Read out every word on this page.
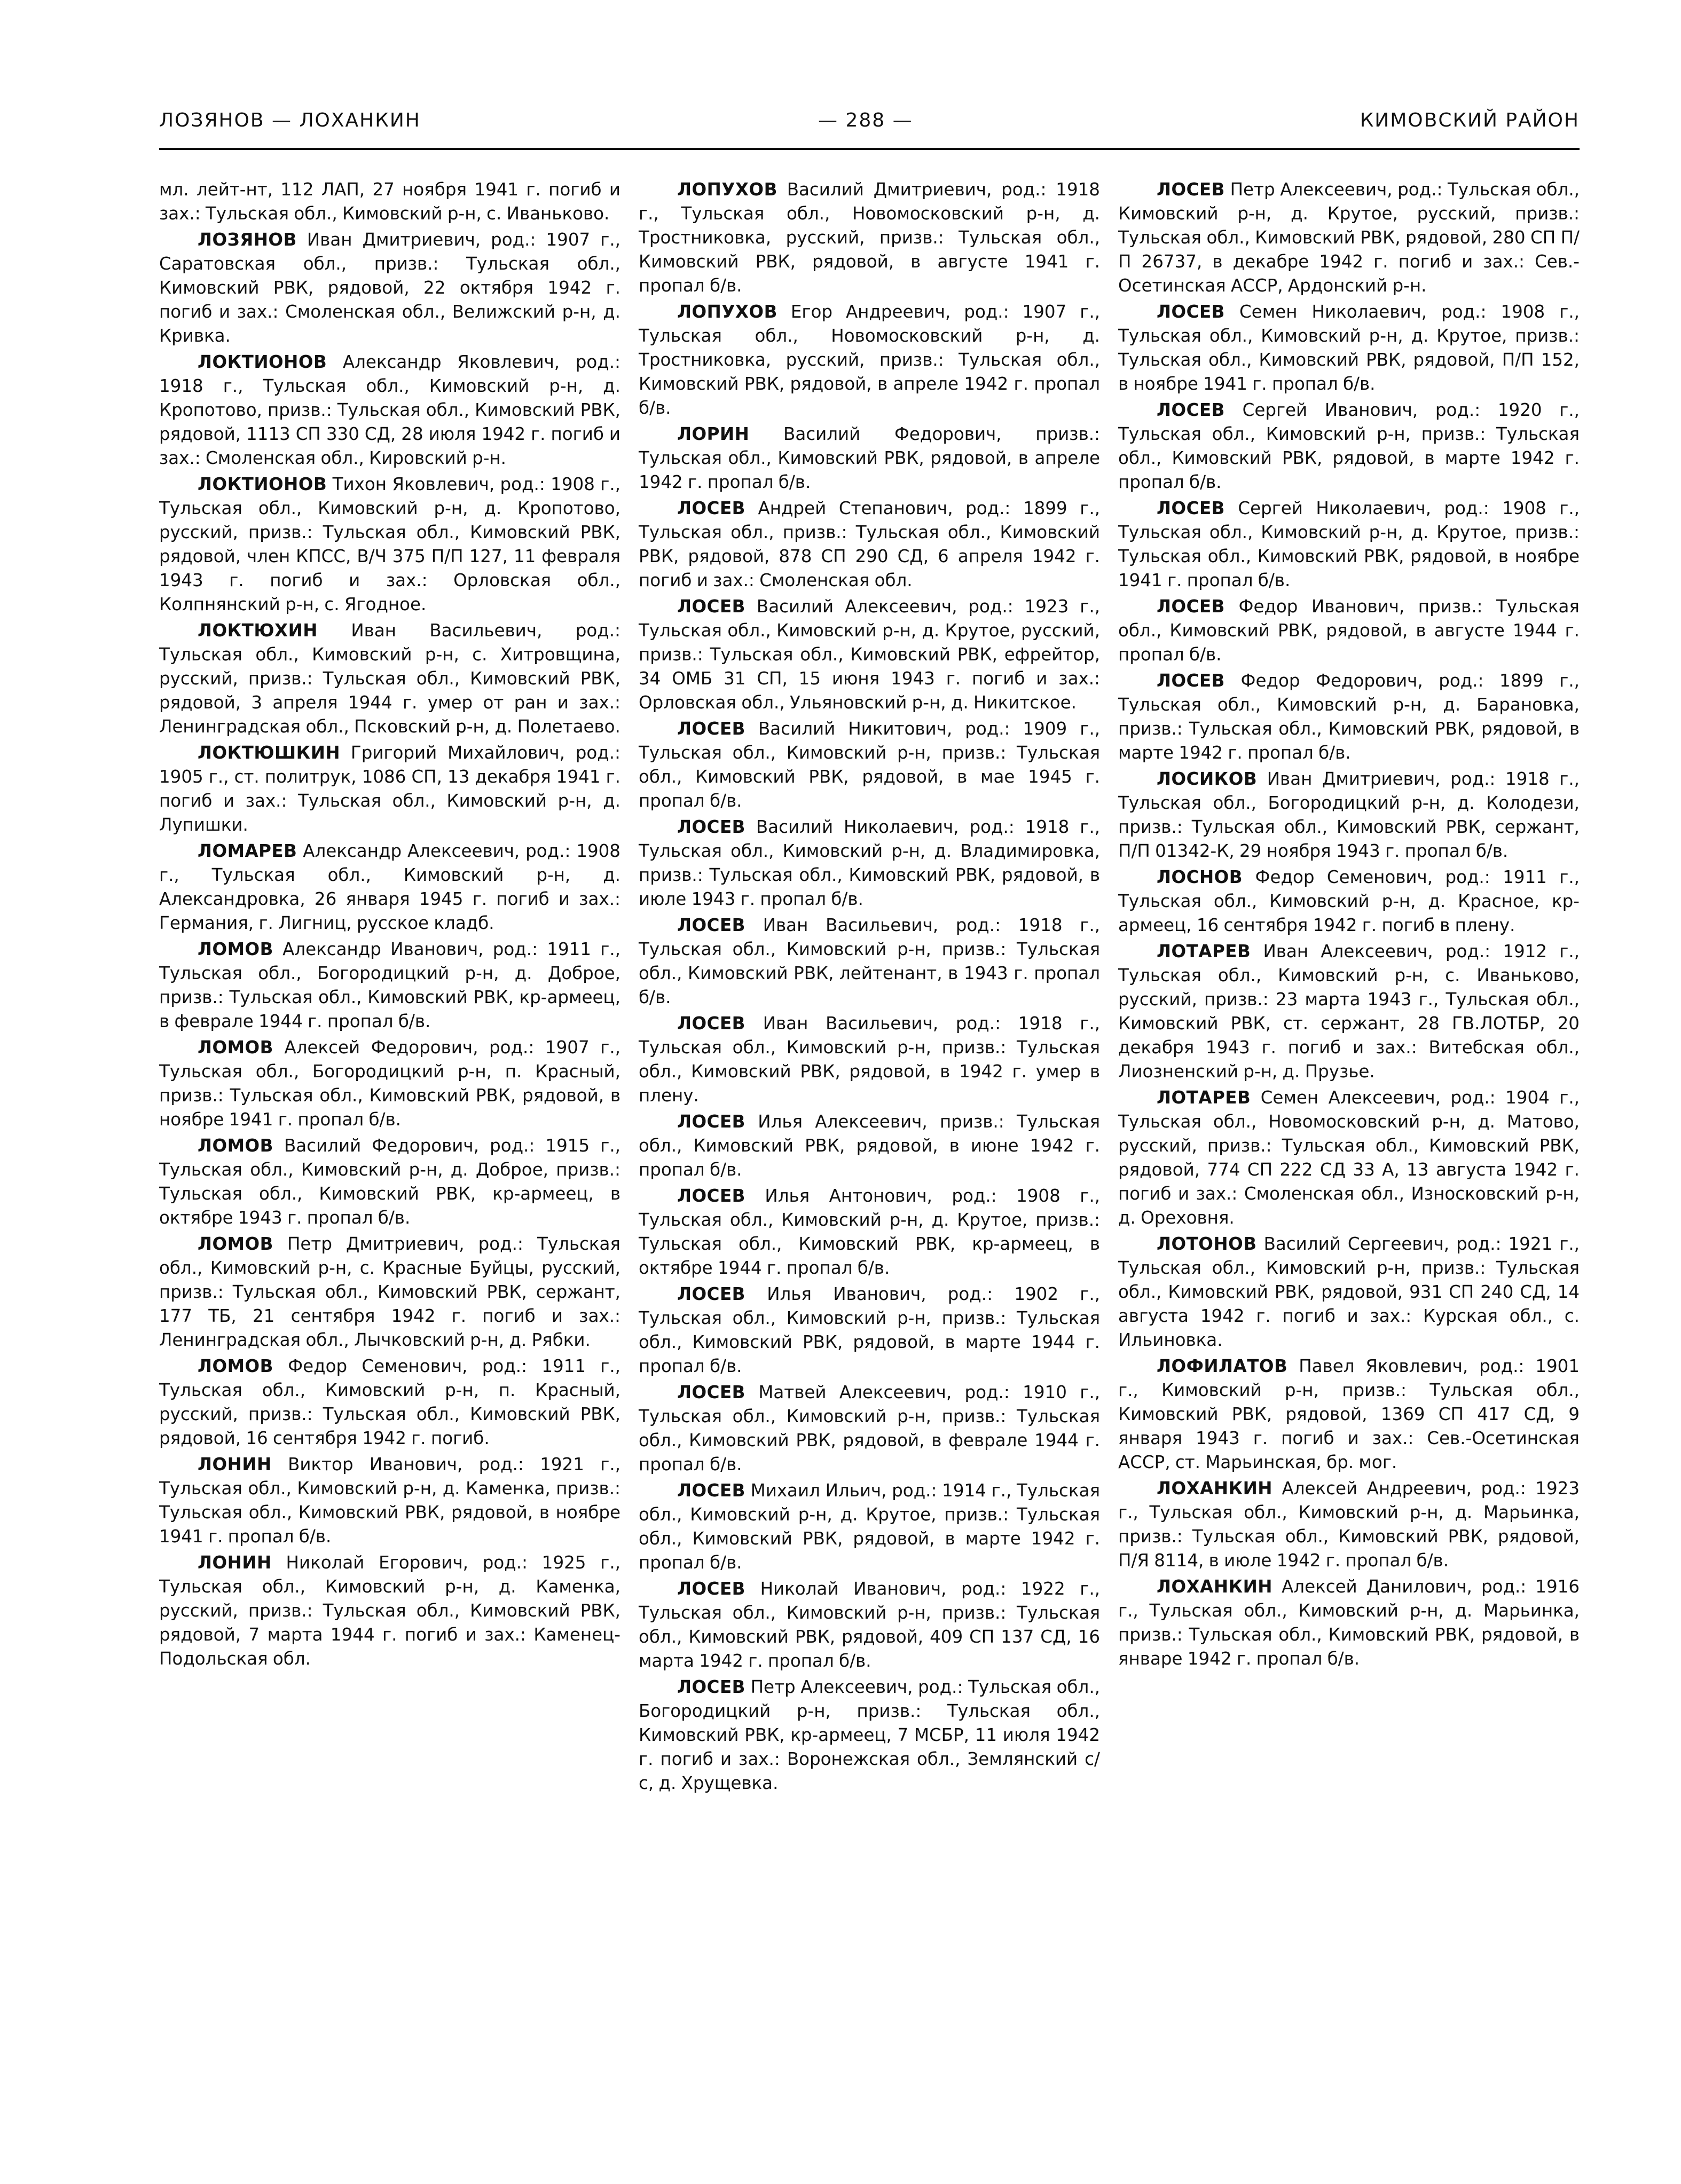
ЛОЗЯНОВ — ЛОХАНКИН	— 288 —	КИМОВСКИЙ РАЙОН

мл. лейт-нт, 112 ЛАП, 27 ноября 1941 г. погиб и зах.: Тульская обл., Кимовский р-н, с. Иваньково.

ЛОЗЯНОВ Иван Дмитриевич, род.: 1907 г., Саратовская обл., призв.: Тульская обл., Кимовский РВК, рядовой, 22 октября 1942 г. погиб и зах.: Смоленская обл., Велижский р-н, д. Кривка.

ЛОКТИОНОВ Александр Яковлевич, род.: 1918 г., Тульская обл., Кимовский р-н, д. Кропотово, призв.: Тульская обл., Кимовский РВК, рядовой, 1113 СП 330 СД, 28 июля 1942 г. погиб и зах.: Смоленская обл., Кировский р-н.

ЛОКТИОНОВ Тихон Яковлевич, род.: 1908 г., Тульская обл., Кимовский р-н, д. Кропотово, русский, призв.: Тульская обл., Кимовский РВК, рядовой, член КПСС, В/Ч 375 П/П 127, 11 февраля 1943 г. погиб и зах.: Орловская обл., Колпнянский р-н, с. Ягодное.

ЛОКТЮХИН Иван Васильевич, род.: Тульская обл., Кимовский р-н, с. Хитровщина, русский, призв.: Тульская обл., Кимовский РВК, рядовой, 3 апреля 1944 г. умер от ран и зах.: Ленинградская обл., Псковский р-н, д. Полетаево.

ЛОКТЮШКИН Григорий Михайлович, род.: 1905 г., ст. политрук, 1086 СП, 13 декабря 1941 г. погиб и зах.: Тульская обл., Кимовский р-н, д. Лупишки.

ЛОМАРЕВ Александр Алексеевич, род.: 1908 г., Тульская обл., Кимовский р-н, д. Александровка, 26 января 1945 г. погиб и зах.: Германия, г. Лигниц, русское кладб.

ЛОМОВ Александр Иванович, род.: 1911 г., Тульская обл., Богородицкий р-н, д. Доброе, призв.: Тульская обл., Кимовский РВК, кр-армеец, в феврале 1944 г. пропал б/в.

ЛОМОВ Алексей Федорович, род.: 1907 г., Тульская обл., Богородицкий р-н, п. Красный, призв.: Тульская обл., Кимовский РВК, рядовой, в ноябре 1941 г. пропал б/в.

ЛОМОВ Василий Федорович, род.: 1915 г., Тульская обл., Кимовский р-н, д. Доброе, призв.: Тульская обл., Кимовский РВК, кр-армеец, в октябре 1943 г. пропал б/в.

ЛОМОВ Петр Дмитриевич, род.: Тульская обл., Кимовский р-н, с. Красные Буйцы, русский, призв.: Тульская обл., Кимовский РВК, сержант, 177 ТБ, 21 сентября 1942 г. погиб и зах.: Ленинградская обл., Лычковский р-н, д. Рябки.

ЛОМОВ Федор Семенович, род.: 1911 г., Тульская обл., Кимовский р-н, п. Красный, русский, призв.: Тульская обл., Кимовский РВК, рядовой, 16 сентября 1942 г. погиб.

ЛОНИН Виктор Иванович, род.: 1921 г., Тульская обл., Кимовский р-н, д. Каменка, призв.: Тульская обл., Кимовский РВК, рядовой, в ноябре 1941 г. пропал б/в.

ЛОНИН Николай Егорович, род.: 1925 г., Тульская обл., Кимовский р-н, д. Каменка, русский, призв.: Тульская обл., Кимовский РВК, рядовой, 7 марта 1944 г. погиб и зах.: Каменец-Подольская обл.

ЛОПУХОВ Василий Дмитриевич, род.: 1918 г., Тульская обл., Новомосковский р-н, д. Тростниковка, русский, призв.: Тульская обл., Кимовский РВК, рядовой, в августе 1941 г. пропал б/в.

ЛОПУХОВ Егор Андреевич, род.: 1907 г., Тульская обл., Новомосковский р-н, д. Тростниковка, русский, призв.: Тульская обл., Кимовский РВК, рядовой, в апреле 1942 г. пропал б/в.

ЛОРИН Василий Федорович, призв.: Тульская обл., Кимовский РВК, рядовой, в апреле 1942 г. пропал б/в.

ЛОСЕВ Андрей Степанович, род.: 1899 г., Тульская обл., призв.: Тульская обл., Кимовский РВК, рядовой, 878 СП 290 СД, 6 апреля 1942 г. погиб и зах.: Смоленская обл.

ЛОСЕВ Василий Алексеевич, род.: 1923 г., Тульская обл., Кимовский р-н, д. Крутое, русский, призв.: Тульская обл., Кимовский РВК, ефрейтор, 34 ОМБ 31 СП, 15 июня 1943 г. погиб и зах.: Орловская обл., Ульяновский р-н, д. Никитское.

ЛОСЕВ Василий Никитович, род.: 1909 г., Тульская обл., Кимовский р-н, призв.: Тульская обл., Кимовский РВК, рядовой, в мае 1945 г. пропал б/в.

ЛОСЕВ Василий Николаевич, род.: 1918 г., Тульская обл., Кимовский р-н, д. Владимировка, призв.: Тульская обл., Кимовский РВК, рядовой, в июле 1943 г. пропал б/в.

ЛОСЕВ Иван Васильевич, род.: 1918 г., Тульская обл., Кимовский р-н, призв.: Тульская обл., Кимовский РВК, лейтенант, в 1943 г. пропал б/в.

ЛОСЕВ Иван Васильевич, род.: 1918 г., Тульская обл., Кимовский р-н, призв.: Тульская обл., Кимовский РВК, рядовой, в 1942 г. умер в плену.

ЛОСЕВ Илья Алексеевич, призв.: Тульская обл., Кимовский РВК, рядовой, в июне 1942 г. пропал б/в.

ЛОСЕВ Илья Антонович, род.: 1908 г., Тульская обл., Кимовский р-н, д. Крутое, призв.: Тульская обл., Кимовский РВК, кр-армеец, в октябре 1944 г. пропал б/в.

ЛОСЕВ Илья Иванович, род.: 1902 г., Тульская обл., Кимовский р-н, призв.: Тульская обл., Кимовский РВК, рядовой, в марте 1944 г. пропал б/в.

ЛОСЕВ Матвей Алексеевич, род.: 1910 г., Тульская обл., Кимовский р-н, призв.: Тульская обл., Кимовский РВК, рядовой, в феврале 1944 г. пропал б/в.

ЛОСЕВ Михаил Ильич, род.: 1914 г., Тульская обл., Кимовский р-н, д. Крутое, призв.: Тульская обл., Кимовский РВК, рядовой, в марте 1942 г. пропал б/в.

ЛОСЕВ Николай Иванович, род.: 1922 г., Тульская обл., Кимовский р-н, призв.: Тульская обл., Кимовский РВК, рядовой, 409 СП 137 СД, 16 марта 1942 г. пропал б/в.

ЛОСЕВ Петр Алексеевич, род.: Тульская обл., Богородицкий р-н, призв.: Тульская обл., Кимовский РВК, кр-армеец, 7 МСБР, 11 июля 1942 г. погиб и зах.: Воронежская обл., Землянский с/с, д. Хрущевка.

ЛОСЕВ Петр Алексеевич, род.: Тульская обл., Кимовский р-н, д. Крутое, русский, призв.: Тульская обл., Кимовский РВК, рядовой, 280 СП П/П 26737, в декабре 1942 г. погиб и зах.: Сев.-Осетинская АССР, Ардонский р-н.

ЛОСЕВ Семен Николаевич, род.: 1908 г., Тульская обл., Кимовский р-н, д. Крутое, призв.: Тульская обл., Кимовский РВК, рядовой, П/П 152, в ноябре 1941 г. пропал б/в.

ЛОСЕВ Сергей Иванович, род.: 1920 г., Тульская обл., Кимовский р-н, призв.: Тульская обл., Кимовский РВК, рядовой, в марте 1942 г. пропал б/в.

ЛОСЕВ Сергей Николаевич, род.: 1908 г., Тульская обл., Кимовский р-н, д. Крутое, призв.: Тульская обл., Кимовский РВК, рядовой, в ноябре 1941 г. пропал б/в.

ЛОСЕВ Федор Иванович, призв.: Тульская обл., Кимовский РВК, рядовой, в августе 1944 г. пропал б/в.

ЛОСЕВ Федор Федорович, род.: 1899 г., Тульская обл., Кимовский р-н, д. Барановка, призв.: Тульская обл., Кимовский РВК, рядовой, в марте 1942 г. пропал б/в.

ЛОСИКОВ Иван Дмитриевич, род.: 1918 г., Тульская обл., Богородицкий р-н, д. Колодези, призв.: Тульская обл., Кимовский РВК, сержант, П/П 01342-К, 29 ноября 1943 г. пропал б/в.

ЛОСНОВ Федор Семенович, род.: 1911 г., Тульская обл., Кимовский р-н, д. Красное, кр-армеец, 16 сентября 1942 г. погиб в плену.

ЛОТАРЕВ Иван Алексеевич, род.: 1912 г., Тульская обл., Кимовский р-н, с. Иваньково, русский, призв.: 23 марта 1943 г., Тульская обл., Кимовский РВК, ст. сержант, 28 ГВ.ЛОТБР, 20 декабря 1943 г. погиб и зах.: Витебская обл., Лиозненский р-н, д. Прузье.

ЛОТАРЕВ Семен Алексеевич, род.: 1904 г., Тульская обл., Новомосковский р-н, д. Матово, русский, призв.: Тульская обл., Кимовский РВК, рядовой, 774 СП 222 СД 33 А, 13 августа 1942 г. погиб и зах.: Смоленская обл., Износковский р-н, д. Ореховня.

ЛОТОНОВ Василий Сергеевич, род.: 1921 г., Тульская обл., Кимовский р-н, призв.: Тульская обл., Кимовский РВК, рядовой, 931 СП 240 СД, 14 августа 1942 г. погиб и зах.: Курская обл., с. Ильиновка.

ЛОФИЛАТОВ Павел Яковлевич, род.: 1901 г., Кимовский р-н, призв.: Тульская обл., Кимовский РВК, рядовой, 1369 СП 417 СД, 9 января 1943 г. погиб и зах.: Сев.-Осетинская АССР, ст. Марьинская, бр. мог.

ЛОХАНКИН Алексей Андреевич, род.: 1923 г., Тульская обл., Кимовский р-н, д. Марьинка, призв.: Тульская обл., Кимовский РВК, рядовой, П/Я 8114, в июле 1942 г. пропал б/в.

ЛОХАНКИН Алексей Данилович, род.: 1916 г., Тульская обл., Кимовский р-н, д. Марьинка, призв.: Тульская обл., Кимовский РВК, рядовой, в январе 1942 г. пропал б/в.
